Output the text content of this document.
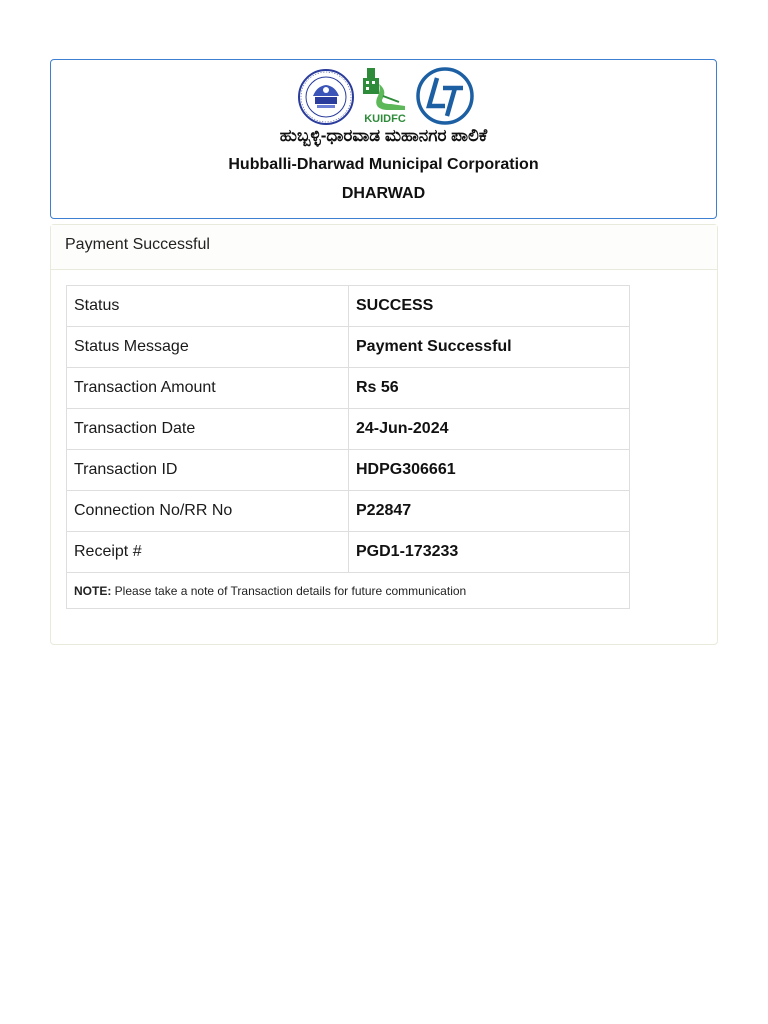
KUIDFC
ಹುಬ್ಬಳ್ಳಿ-ಧಾರವಾಡ ಮಹಾನಗರ ಪಾಲಿಕೆ
Hubballi-Dharwad Municipal Corporation
DHARWAD
Payment Successful
Status	SUCCESS
Status Message	Payment Successful
Transaction Amount	Rs 56
Transaction Date	24-Jun-2024
Transaction ID	HDPG306661
Connection No/RR No	P22847
Receipt #	PGD1-173233
NOTE: Please take a note of Transaction details for future communication	
